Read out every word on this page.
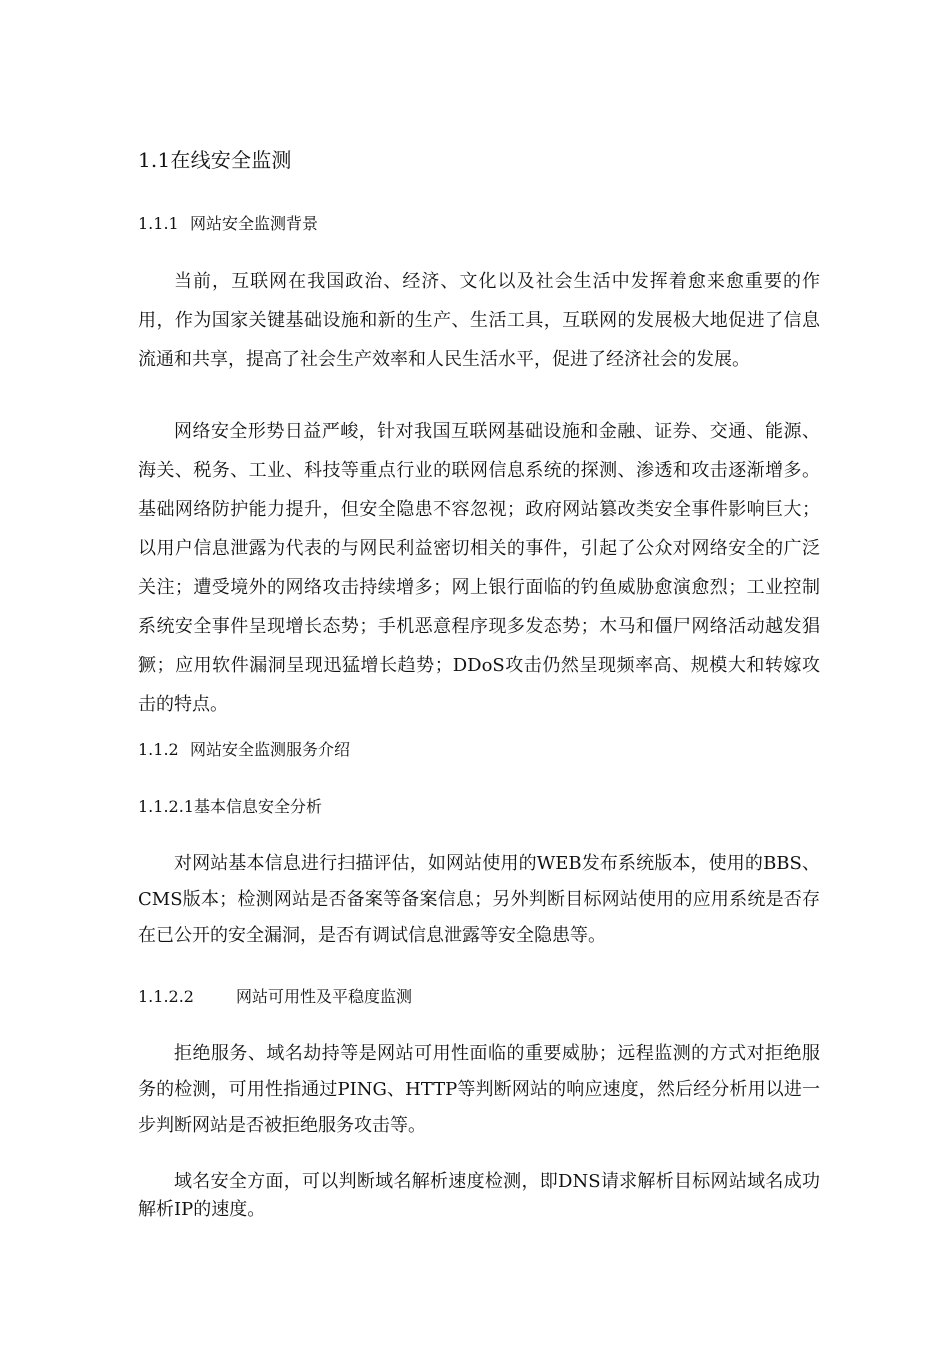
1.1在线安全监测
1.1.1 网站安全监测背景
当前，互联网在我国政治、经济、文化以及社会生活中发挥着愈来愈重要的作用，作为国家关键基础设施和新的生产、生活工具，互联网的发展极大地促进了信息流通和共享，提高了社会生产效率和人民生活水平，促进了经济社会的发展。
网络安全形势日益严峻，针对我国互联网基础设施和金融、证券、交通、能源、海关、税务、工业、科技等重点行业的联网信息系统的探测、渗透和攻击逐渐增多。基础网络防护能力提升，但安全隐患不容忽视；政府网站篡改类安全事件影响巨大；以用户信息泄露为代表的与网民利益密切相关的事件，引起了公众对网络安全的广泛关注；遭受境外的网络攻击持续增多；网上银行面临的钓鱼威胁愈演愈烈；工业控制系统安全事件呈现增长态势；手机恶意程序现多发态势；木马和僵尸网络活动越发猖獗；应用软件漏洞呈现迅猛增长趋势；DDoS攻击仍然呈现频率高、规模大和转嫁攻击的特点。
1.1.2 网站安全监测服务介绍
1.1.2.1基本信息安全分析
对网站基本信息进行扫描评估，如网站使用的WEB发布系统版本，使用的BBS、CMS版本；检测网站是否备案等备案信息；另外判断目标网站使用的应用系统是否存在已公开的安全漏洞，是否有调试信息泄露等安全隐患等。
1.1.2.2	网站可用性及平稳度监测
拒绝服务、域名劫持等是网站可用性面临的重要威胁；远程监测的方式对拒绝服务的检测，可用性指通过PING、HTTP等判断网站的响应速度，然后经分析用以进一步判断网站是否被拒绝服务攻击等。
域名安全方面，可以判断域名解析速度检测，即DNS请求解析目标网站域名成功解析IP的速度。
